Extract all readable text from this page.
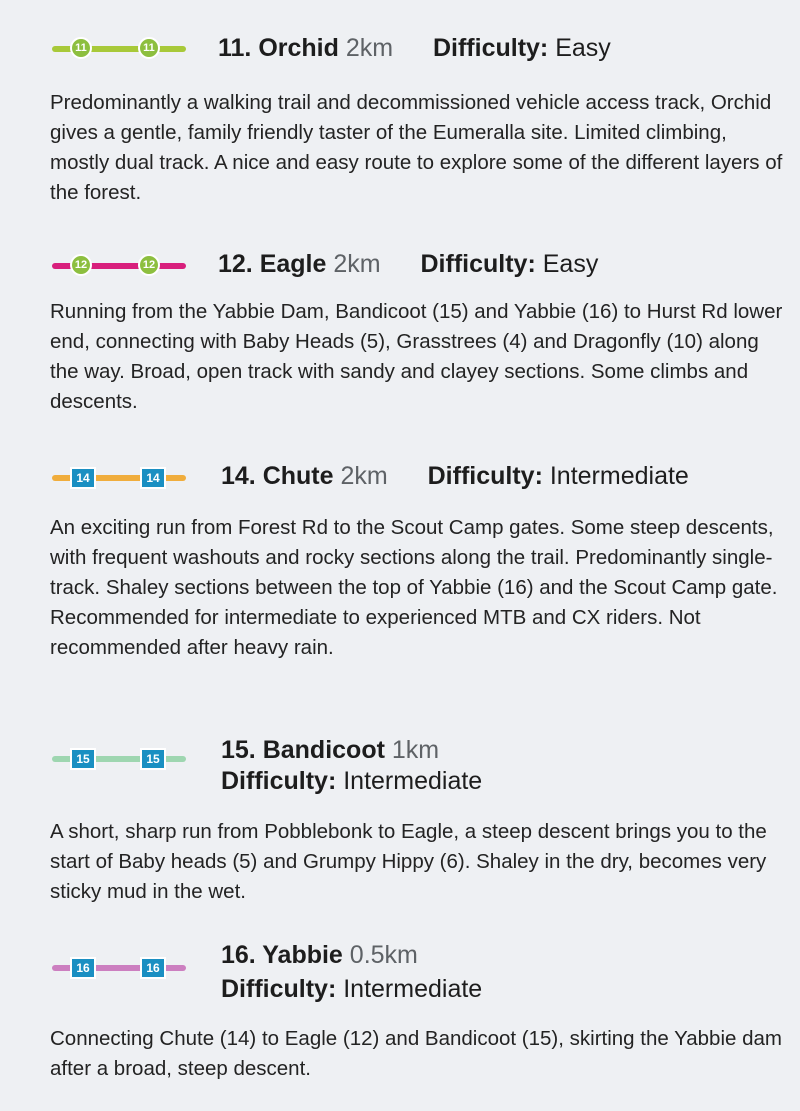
11	11	11. Orchid 2km Difficulty: Easy
Predominantly a walking trail and decommissioned vehicle access track, Orchid gives a gentle, family friendly taster of the Eumeralla site. Limited climbing, mostly dual track. A nice and easy route to explore some of the different layers of the forest.
12	12	12. Eagle 2km Difficulty: Easy
Running from the Yabbie Dam, Bandicoot (15) and Yabbie (16) to Hurst Rd lower end, connecting with Baby Heads (5), Grasstrees (4) and Dragonfly (10) along the way. Broad, open track with sandy and clayey sections. Some climbs and descents.
14	14 14. Chute 2km Difficulty: Intermediate
An exciting run from Forest Rd to the Scout Camp gates. Some steep descents, with frequent washouts and rocky sections along the trail. Predominantly single-track. Shaley sections between the top of Yabbie (16) and the Scout Camp gate. Recommended for intermediate to experienced MTB and CX riders. Not recommended after heavy rain.
15	15 15. Bandicoot 1km
Difficulty: Intermediate
A short, sharp run from Pobblebonk to Eagle, a steep descent brings you to the start of Baby heads (5) and Grumpy Hippy (6). Shaley in the dry, becomes very sticky mud in the wet.
16	16 16. Yabbie 0.5km
Difficulty: Intermediate
Connecting Chute (14) to Eagle (12) and Bandicoot (15), skirting the Yabbie dam after a broad, steep descent.
